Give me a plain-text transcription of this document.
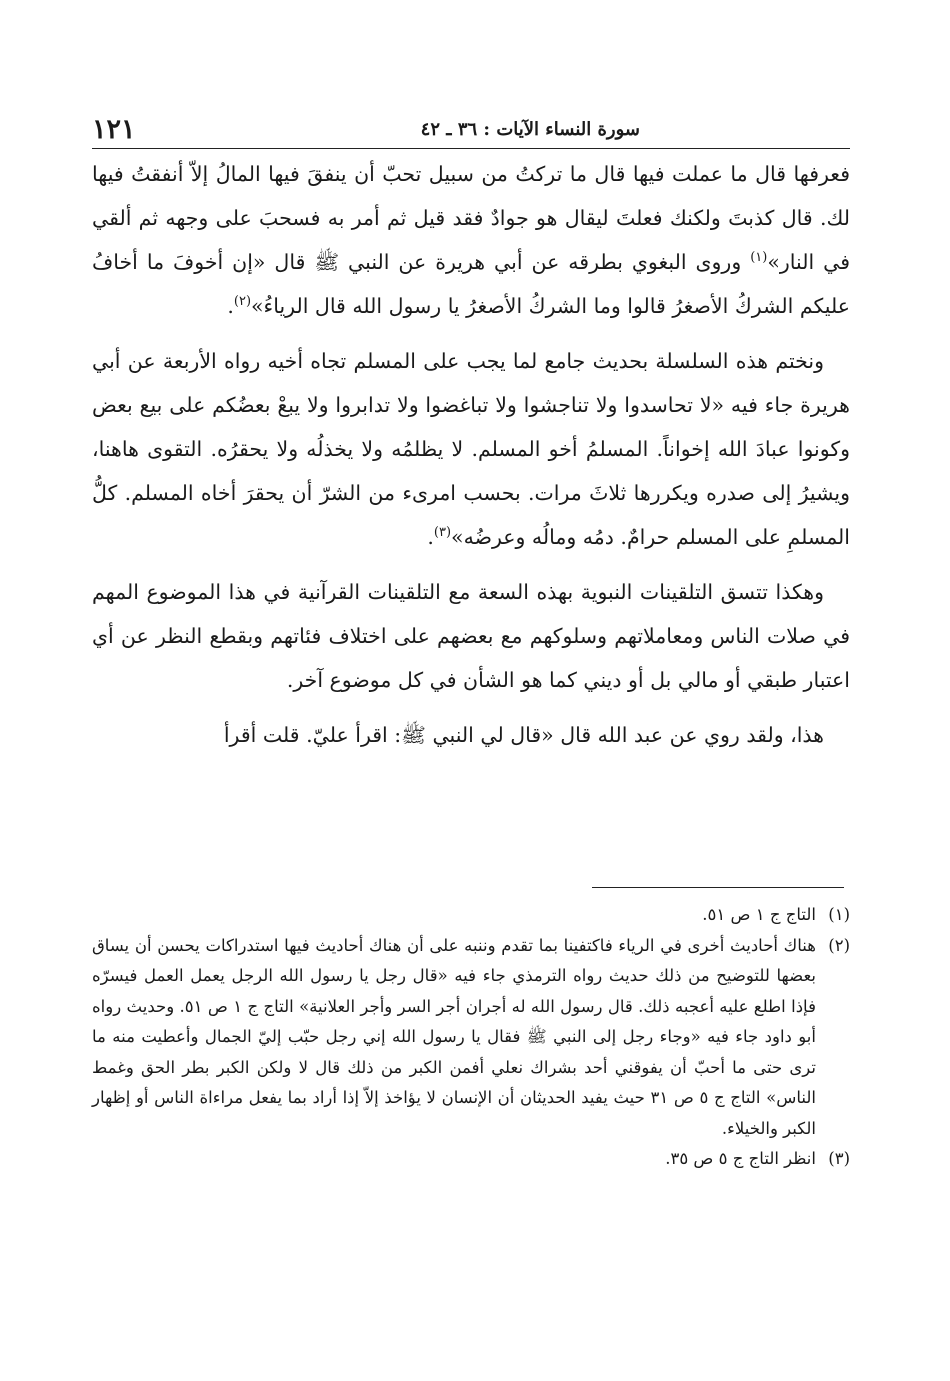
١٢١	سورة النساء الآيات : ٣٦ ـ ٤٢

فعرفها قال ما عملت فيها قال ما تركتُ من سبيل تحبّ أن ينفقَ فيها المالُ إلاّ أنفقتُ فيها لك. قال كذبتَ ولكنك فعلتَ ليقال هو جوادٌ فقد قيل ثم أمر به فسحبَ على وجهه ثم ألقي في النار»$^{(١)}$ وروى البغوي بطرقه عن أبي هريرة عن النبي ﷺ قال «إن أخوفَ ما أخافُ عليكم الشركُ الأصغرُ قالوا وما الشركُ الأصغرُ يا رسول الله قال الرياءُ»$^{(٢)}$.

ونختم هذه السلسلة بحديث جامع لما يجب على المسلم تجاه أخيه رواه الأربعة عن أبي هريرة جاء فيه «لا تحاسدوا ولا تناجشوا ولا تباغضوا ولا تدابروا ولا يبعْ بعضُكم على بيع بعض وكونوا عبادَ الله إخواناً. المسلمُ أخو المسلم. لا يظلمُه ولا يخذلُه ولا يحقرُه. التقوى هاهنا، ويشيرُ إلى صدره ويكررها ثلاثَ مرات. بحسب امرىء من الشرّ أن يحقرَ أخاه المسلم. كلُّ المسلمِ على المسلم حرامٌ. دمُه ومالُه وعرضُه»$^{(٣)}$.

وهكذا تتسق التلقينات النبوية بهذه السعة مع التلقينات القرآنية في هذا الموضوع المهم في صلات الناس ومعاملاتهم وسلوكهم مع بعضهم على اختلاف فئاتهم وبقطع النظر عن أي اعتبار طبقي أو مالي بل أو ديني كما هو الشأن في كل موضوع آخر.

هذا، ولقد روي عن عبد الله قال «قال لي النبي ﷺ: اقرأ عليّ. قلت أقرأ

(١)
التاج ج ١ ص ٥١.
(٢)
هناك أحاديث أخرى في الرياء فاكتفينا بما تقدم وننبه على أن هناك أحاديث فيها استدراكات يحسن أن يساق بعضها للتوضيح من ذلك حديث رواه الترمذي جاء فيه «قال رجل يا رسول الله الرجل يعمل العمل فيسرّه فإذا اطلع عليه أعجبه ذلك. قال رسول الله له أجران أجر السر وأجر العلانية» التاج ج ١ ص ٥١. وحديث رواه أبو داود جاء فيه «وجاء رجل إلى النبي ﷺ فقال يا رسول الله إني رجل حبّب إليّ الجمال وأعطيت منه ما ترى حتى ما أحبّ أن يفوقني أحد بشراك نعلي أفمن الكبر من ذلك قال لا ولكن الكبر بطر الحق وغمط الناس» التاج ج ٥ ص ٣١ حيث يفيد الحديثان أن الإنسان لا يؤاخذ إلاّ إذا أراد بما يفعل مراءاة الناس أو إظهار الكبر والخيلاء.
(٣)
انظر التاج ج ٥ ص ٣٥.
